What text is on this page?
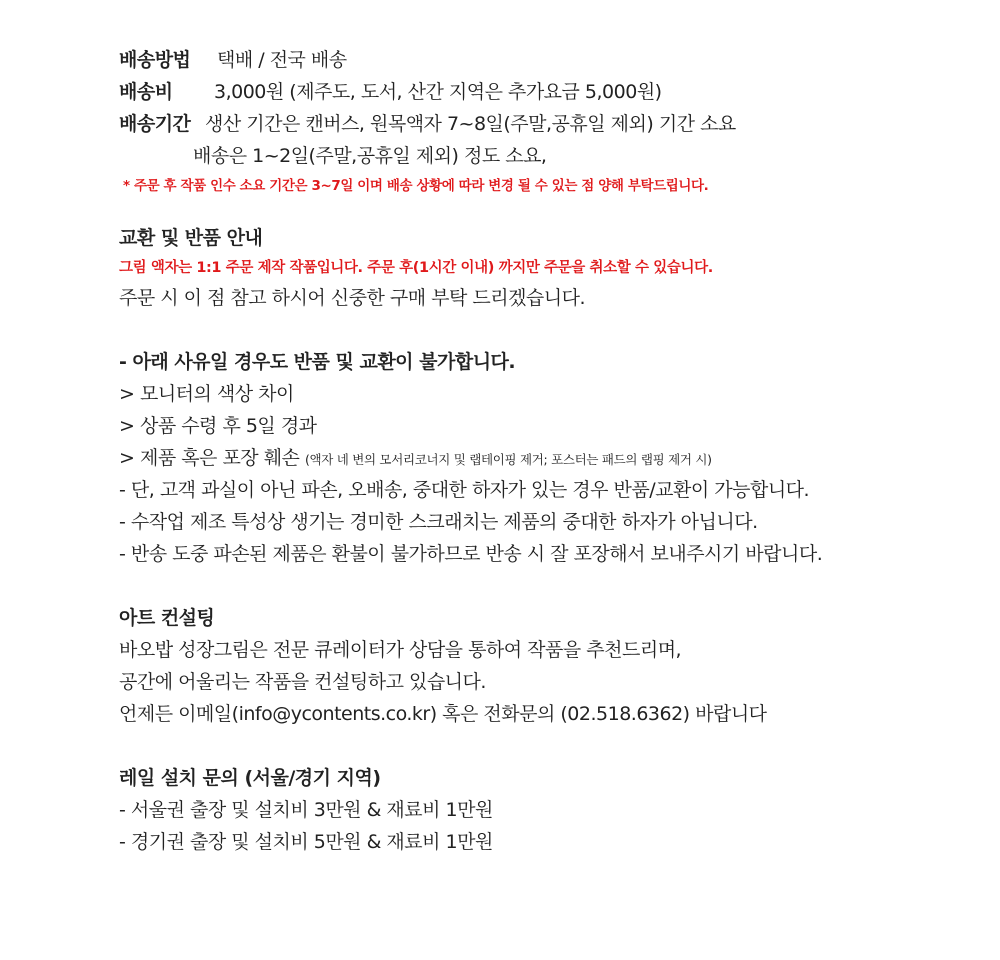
배송방법 택배 / 전국 배송
배송비 3,000원 (제주도, 도서, 산간 지역은 추가요금 5,000원)
배송기간 생산 기간은 캔버스, 원목액자 7~8일(주말,공휴일 제외) 기간 소요
배송은 1~2일(주말,공휴일 제외) 정도 소요,
* 주문 후 작품 인수 소요 기간은 3~7일 이며 배송 상황에 따라 변경 될 수 있는 점 양해 부탁드립니다.
교환 및 반품 안내
그림 액자는 1:1 주문 제작 작품입니다. 주문 후(1시간 이내) 까지만 주문을 취소할 수 있습니다.
주문 시 이 점 참고 하시어 신중한 구매 부탁 드리겠습니다.
- 아래 사유일 경우도 반품 및 교환이 불가합니다.
> 모니터의 색상 차이
> 상품 수령 후 5일 경과
> 제품 혹은 포장 훼손 (액자 네 변의 모서리코너지 및 랩테이핑 제거; 포스터는 패드의 랩핑 제거 시)
- 단, 고객 과실이 아닌 파손, 오배송, 중대한 하자가 있는 경우 반품/교환이 가능합니다.
- 수작업 제조 특성상 생기는 경미한 스크래치는 제품의 중대한 하자가 아닙니다.
- 반송 도중 파손된 제품은 환불이 불가하므로 반송 시 잘 포장해서 보내주시기 바랍니다.
아트 컨설팅
바오밥 성장그림은 전문 큐레이터가 상담을 통하여 작품을 추천드리며,
공간에 어울리는 작품을 컨설팅하고 있습니다.
언제든 이메일(info@ycontents.co.kr) 혹은 전화문의 (02.518.6362) 바랍니다
레일 설치 문의 (서울/경기 지역)
- 서울권 출장 및 설치비 3만원 & 재료비 1만원
- 경기권 출장 및 설치비 5만원 & 재료비 1만원
